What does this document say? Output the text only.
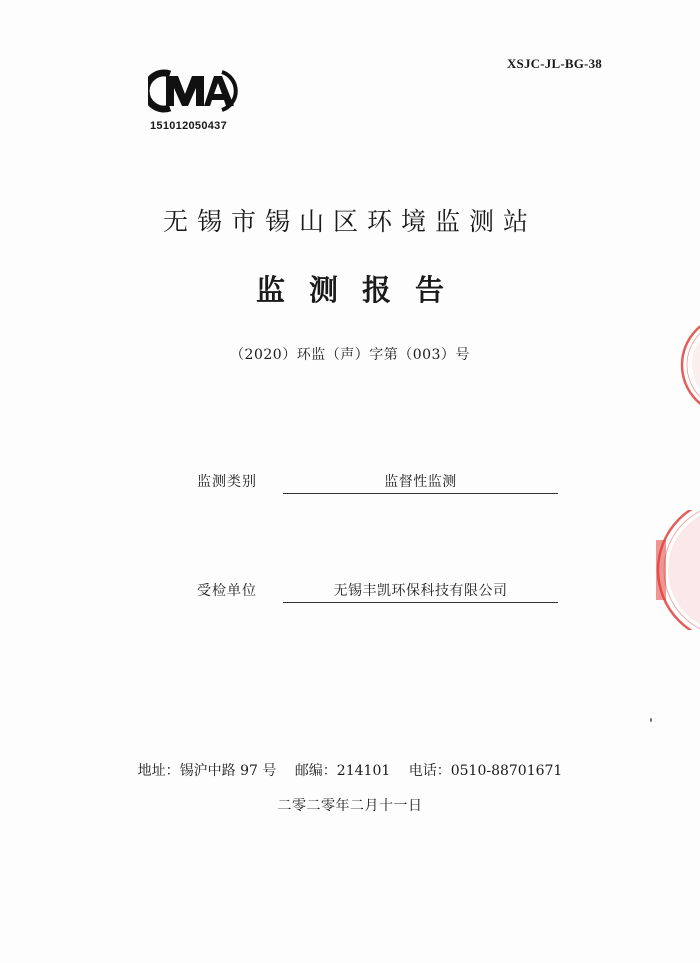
XSJC-JL-BG-38
151012050437
无锡市锡山区环境监测站
监测报告
（2020）环监（声）字第（003）号
监测类别	监督性监测
受检单位	无锡丰凯环保科技有限公司
地址：锡沪中路 97 号 邮编：214101 电话：0510-88701671
二零二零年二月十一日
